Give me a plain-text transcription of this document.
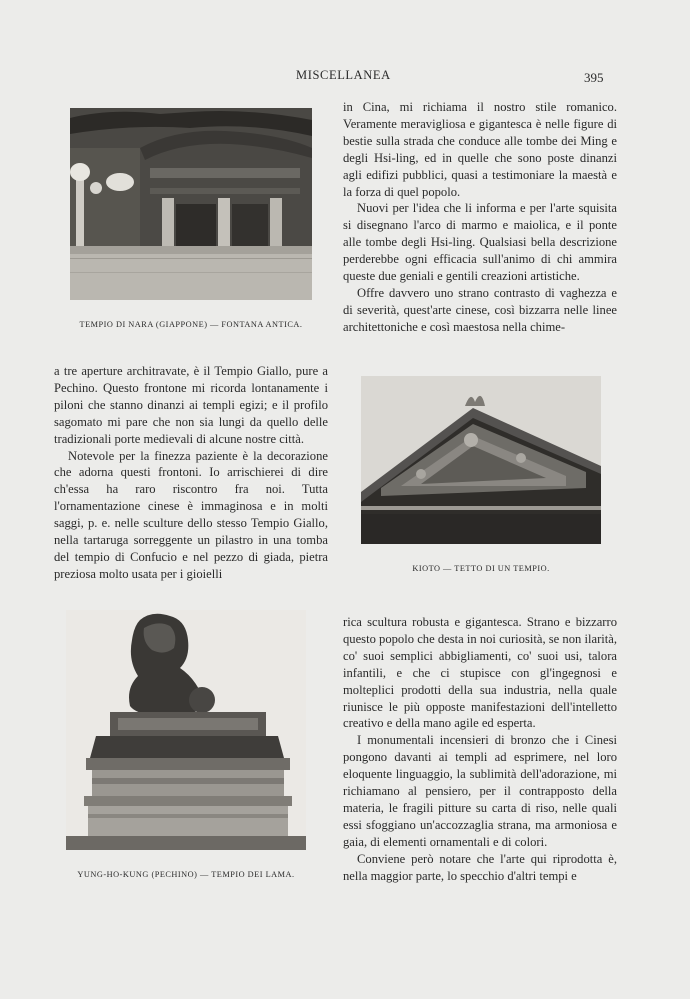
MISCELLANEA	395
TEMPIO DI NARA (GIAPPONE) — FONTANA ANTICA.

in Cina, mi richiama il nostro stile romanico. Veramente meravigliosa e gigantesca è nelle figure di bestie sulla strada che conduce alle tombe dei Ming e degli Hsi-ling, ed in quelle che sono poste dinanzi agli edifizi pubblici, quasi a testimoniare la maestà e la forza di quel popolo.

Nuovi per l'idea che li informa e per l'arte squisita si disegnano l'arco di marmo e maiolica, e il ponte alle tombe degli Hsi-ling. Qualsiasi bella descrizione perderebbe ogni efficacia sull'animo di chi ammira queste due geniali e gentili creazioni artistiche.

Offre davvero uno strano contrasto di vaghezza e di severità, quest'arte cinese, così bizzarra nelle linee architettoniche e così maestosa nella chime-

a tre aperture architravate, è il Tempio Giallo, pure a Pechino. Questo frontone mi ricorda lontanamente i piloni che stanno dinanzi ai templi egizi; e il profilo sagomato mi pare che non sia lungi da quello delle tradizionali porte medievali di alcune nostre città.

Notevole per la finezza paziente è la decorazione che adorna questi frontoni. Io arrischierei di dire ch'essa ha raro riscontro fra noi. Tutta l'ornamentazione cinese è immaginosa e in molti saggi, p. e. nelle sculture dello stesso Tempio Giallo, nella tartaruga sorreggente un pilastro in una tomba del tempio di Confucio e nel pezzo di giada, pietra preziosa molto usata per i gioielli	KIOTO — TETTO DI UN TEMPIO.
YUNG-HO-KUNG (PECHINO) — TEMPIO DEI LAMA.

rica scultura robusta e gigantesca. Strano e bizzarro questo popolo che desta in noi curiosità, se non ilarità, co' suoi semplici abbigliamenti, co' suoi usi, talora infantili, e che ci stupisce con gl'ingegnosi e molteplici prodotti della sua industria, nella quale riunisce le più opposte manifestazioni dell'intelletto creativo e della mano agile ed esperta.

I monumentali incensieri di bronzo che i Cinesi pongono davanti ai templi ad esprimere, nel loro eloquente linguaggio, la sublimità dell'adorazione, mi richiamano al pensiero, per il contrapposto della materia, le fragili pitture su carta di riso, nelle quali essi sfoggiano un'accozzaglia strana, ma armoniosa e gaia, di elementi ornamentali e di colori.

Conviene però notare che l'arte qui riprodotta è, nella maggior parte, lo specchio d'altri tempi e
